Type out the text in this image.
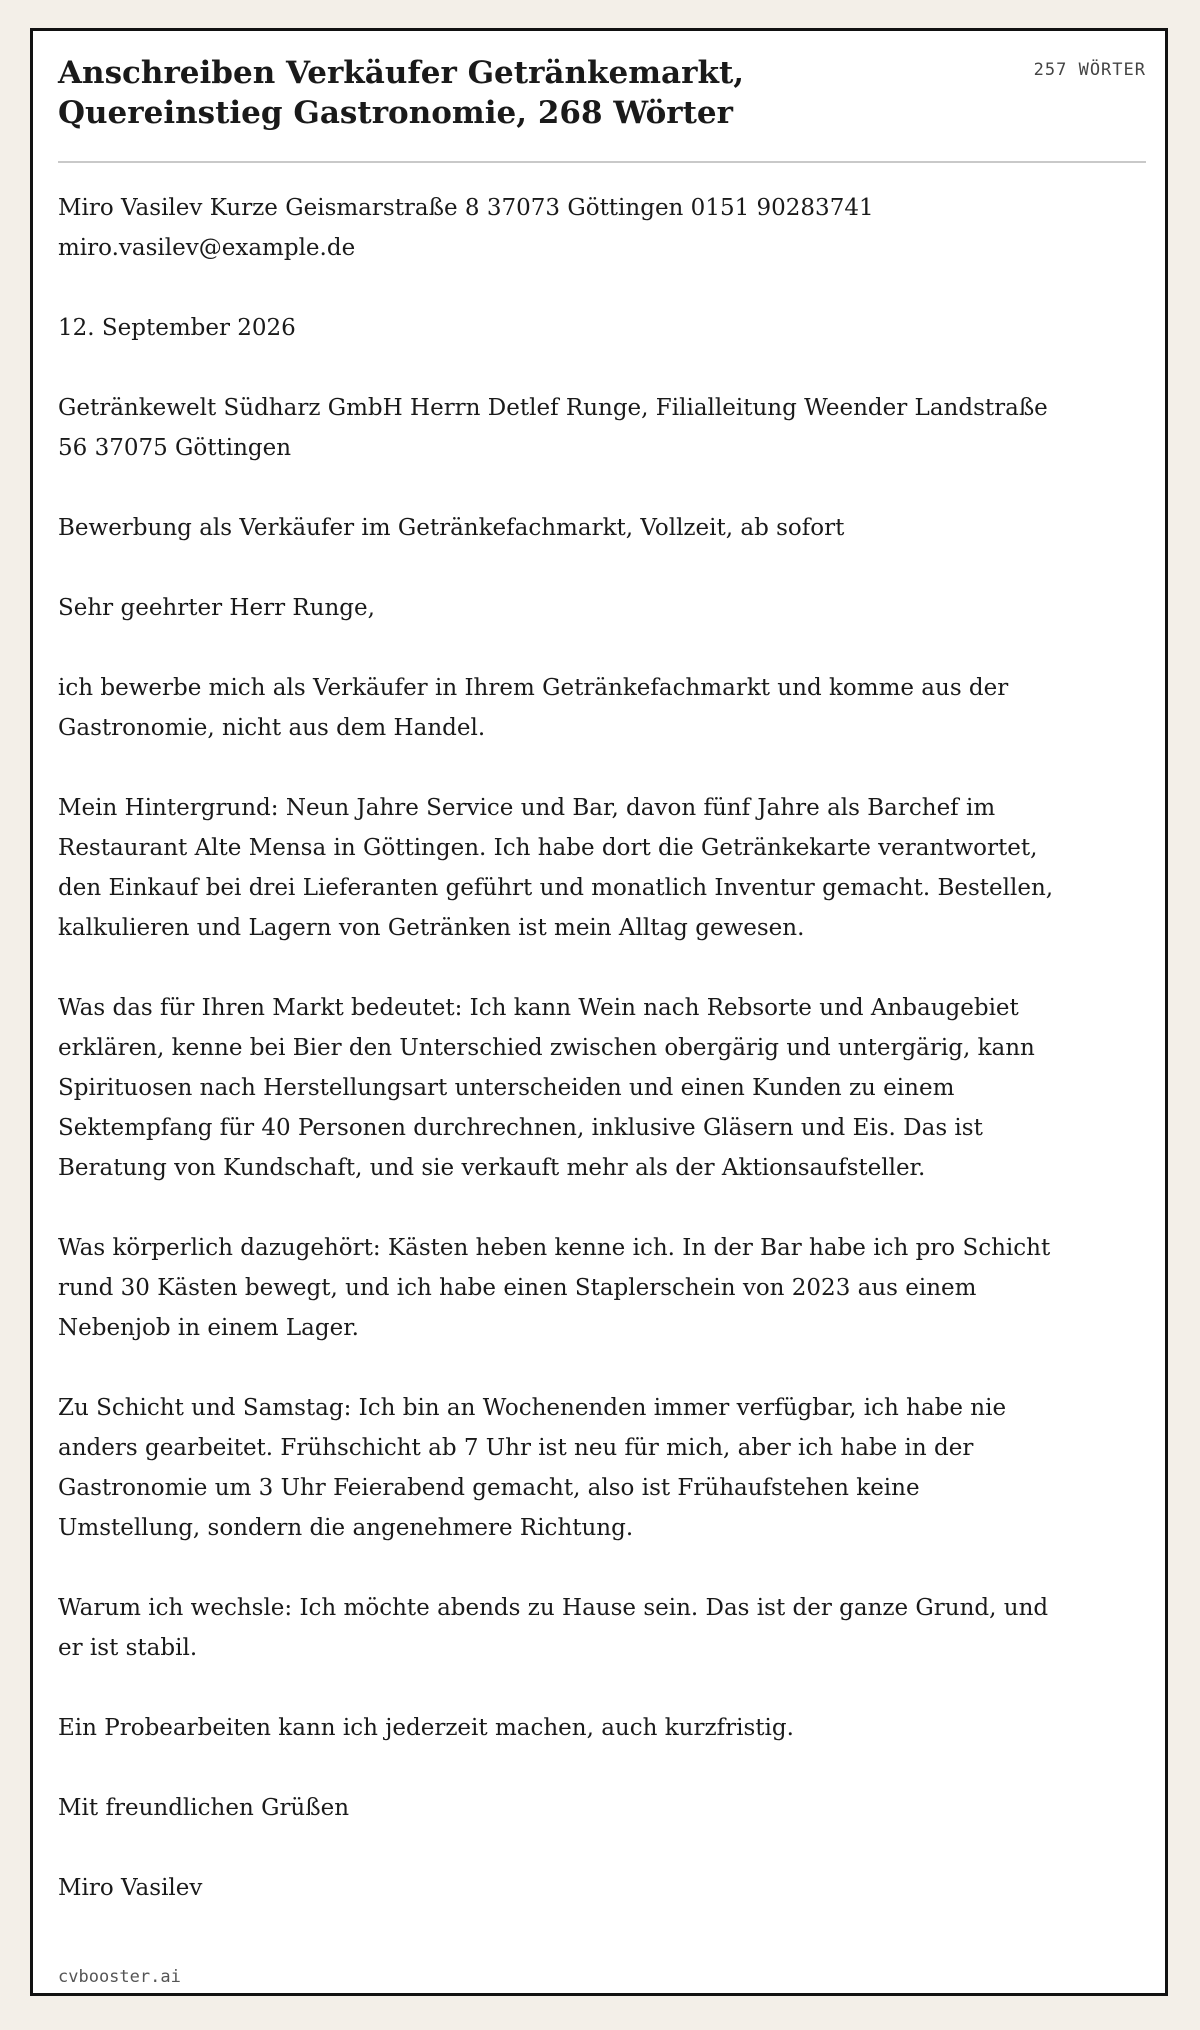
Anschreiben Verkäufer Getränkemarkt, Quereinstieg Gastronomie, 268 Wörter
257 WÖRTER

Miro Vasilev Kurze Geismarstraße 8 37073 Göttingen 0151 90283741 miro.vasilev@example.de

12. September 2026

Getränkewelt Südharz GmbH Herrn Detlef Runge, Filialleitung Weender Landstraße 56 37075 Göttingen

Bewerbung als Verkäufer im Getränkefachmarkt, Vollzeit, ab sofort

Sehr geehrter Herr Runge,

ich bewerbe mich als Verkäufer in Ihrem Getränkefachmarkt und komme aus der Gastronomie, nicht aus dem Handel.

Mein Hintergrund: Neun Jahre Service und Bar, davon fünf Jahre als Barchef im Restaurant Alte Mensa in Göttingen. Ich habe dort die Getränkekarte verantwortet, den Einkauf bei drei Lieferanten geführt und monatlich Inventur gemacht. Bestellen, kalkulieren und Lagern von Getränken ist mein Alltag gewesen.

Was das für Ihren Markt bedeutet: Ich kann Wein nach Rebsorte und Anbaugebiet erklären, kenne bei Bier den Unterschied zwischen obergärig und untergärig, kann Spirituosen nach Herstellungsart unterscheiden und einen Kunden zu einem Sektempfang für 40 Personen durchrechnen, inklusive Gläsern und Eis. Das ist Beratung von Kundschaft, und sie verkauft mehr als der Aktionsaufsteller.

Was körperlich dazugehört: Kästen heben kenne ich. In der Bar habe ich pro Schicht rund 30 Kästen bewegt, und ich habe einen Staplerschein von 2023 aus einem Nebenjob in einem Lager.

Zu Schicht und Samstag: Ich bin an Wochenenden immer verfügbar, ich habe nie anders gearbeitet. Frühschicht ab 7 Uhr ist neu für mich, aber ich habe in der Gastronomie um 3 Uhr Feierabend gemacht, also ist Frühaufstehen keine Umstellung, sondern die angenehmere Richtung.

Warum ich wechsle: Ich möchte abends zu Hause sein. Das ist der ganze Grund, und er ist stabil.

Ein Probearbeiten kann ich jederzeit machen, auch kurzfristig.

Mit freundlichen Grüßen

Miro Vasilev

cvbooster.ai
